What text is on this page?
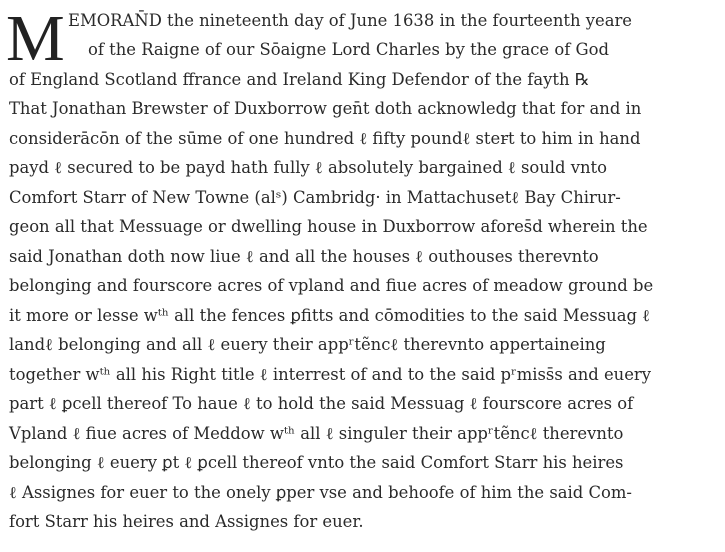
M EMORAN̄D the nineteenth day of June 1638 in the fourteenth yeare
of the Raigne of our Sōaigne Lord Charles by the grace of God
of England Scotland ffrance and Ireland King Defendor of the fayth ℞
That Jonathan Brewster of Duxborrow gen̄t doth acknowledg that for and in
considerācōn of the sūme of one hundred ℓ fifty poundℓ ster̵t to him in hand
payd ℓ secured to be payd hath fully ℓ absolutely bargained ℓ sould vnto
Comfort Starr of New Towne (alˢ) Cambridg· in Mattachusetℓ Bay Chirur-
geon all that Messuage or dwelling house in Duxborrow afores̄d wherein the
said Jonathan doth now liue ℓ and all the houses ℓ outhouses therevnto
belonging and fourscore acres of vpland and fiue acres of meadow ground be
it more or lesse wᵗʰ all the fences ꝑfitts and cōmodities to the said Messuag ℓ
landℓ belonging and all ℓ euery their appʳtẽncℓ therevnto appertaineing
together wᵗʰ all his Right title ℓ interrest of and to the said pʳmiss̄s and euery
part ℓ ꝑcell thereof To haue ℓ to hold the said Messuag ℓ fourscore acres of
Vpland ℓ fiue acres of Meddow wᵗʰ all ℓ singuler their appʳtẽncℓ therevnto
belonging ℓ euery ꝑt ℓ ꝑcell thereof vnto the said Comfort Starr his heires
ℓ Assignes for euer to the onely ꝑper vse and behoofe of him the said Com-
fort Starr his heires and Assignes for euer.
